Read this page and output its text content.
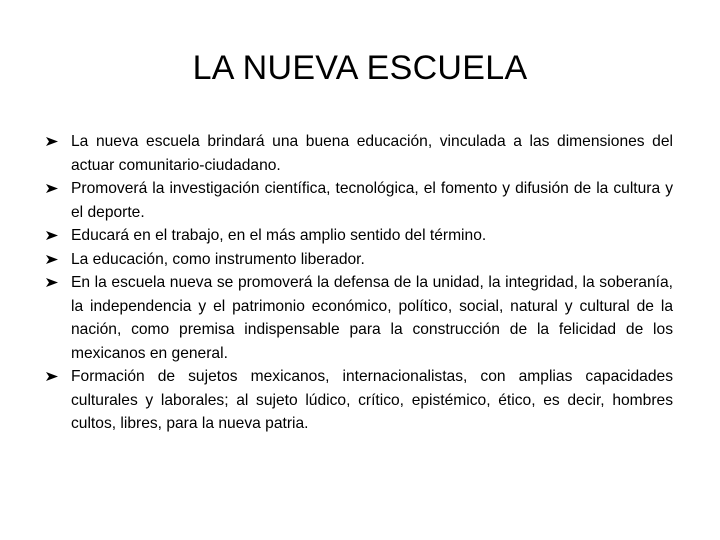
LA NUEVA ESCUELA
La nueva escuela brindará una buena educación, vinculada a las dimensiones del actuar comunitario-ciudadano.
Promoverá la investigación científica, tecnológica, el fomento y difusión de la cultura y el deporte.
Educará en el trabajo, en el más amplio sentido del término.
La educación, como instrumento liberador.
En la escuela nueva se promoverá la defensa de la unidad, la integridad, la soberanía, la independencia y el patrimonio económico, político, social, natural y cultural de la nación, como premisa indispensable para la construcción de la felicidad de los mexicanos en general.
Formación de sujetos mexicanos, internacionalistas, con amplias capacidades culturales y laborales; al sujeto lúdico, crítico, epistémico, ético, es decir, hombres cultos, libres, para la nueva patria.
